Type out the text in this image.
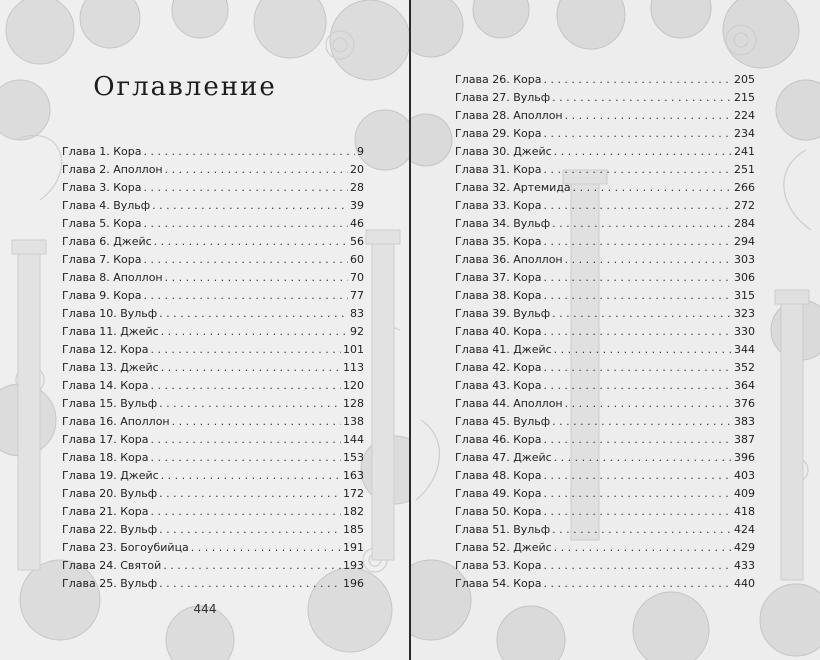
Оглавление
Глава 1. Кора . . .	9
Глава 2. Аполлон . . .	20
Глава 3. Кора . . .	28
Глава 4. Вульф . . .	39
Глава 5. Кора . . .	46
Глава 6. Джейс . . .	56
Глава 7. Кора . . .	60
Глава 8. Аполлон . . .	70
Глава 9. Кора . . .	77
Глава 10. Вульф . . .	83
Глава 11. Джейс . . .	92
Глава 12. Кора . . .	101
Глава 13. Джейс . . .	113
Глава 14. Кора . . .	120
Глава 15. Вульф . . .	128
Глава 16. Аполлон . . .	138
Глава 17. Кора . . .	144
Глава 18. Кора . . .	153
Глава 19. Джейс . . .	163
Глава 20. Вульф . . .	172
Глава 21. Кора . . .	182
Глава 22. Вульф . . .	185
Глава 23. Богоубийца . . .	191
Глава 24. Святой . . .	193
Глава 25. Вульф . . .	196
444
Глава 26. Кора . . .	205
Глава 27. Вульф . . .	215
Глава 28. Аполлон . . .	224
Глава 29. Кора . . .	234
Глава 30. Джейс . . .	241
Глава 31. Кора . . .	251
Глава 32. Артемида . . .	266
Глава 33. Кора . . .	272
Глава 34. Вульф . . .	284
Глава 35. Кора . . .	294
Глава 36. Аполлон . . .	303
Глава 37. Кора . . .	306
Глава 38. Кора . . .	315
Глава 39. Вульф . . .	323
Глава 40. Кора . . .	330
Глава 41. Джейс . . .	344
Глава 42. Кора . . .	352
Глава 43. Кора . . .	364
Глава 44. Аполлон . . .	376
Глава 45. Вульф . . .	383
Глава 46. Кора . . .	387
Глава 47. Джейс . . .	396
Глава 48. Кора . . .	403
Глава 49. Кора . . .	409
Глава 50. Кора . . .	418
Глава 51. Вульф . . .	424
Глава 52. Джейс . . .	429
Глава 53. Кора . . .	433
Глава 54. Кора . . .	440
